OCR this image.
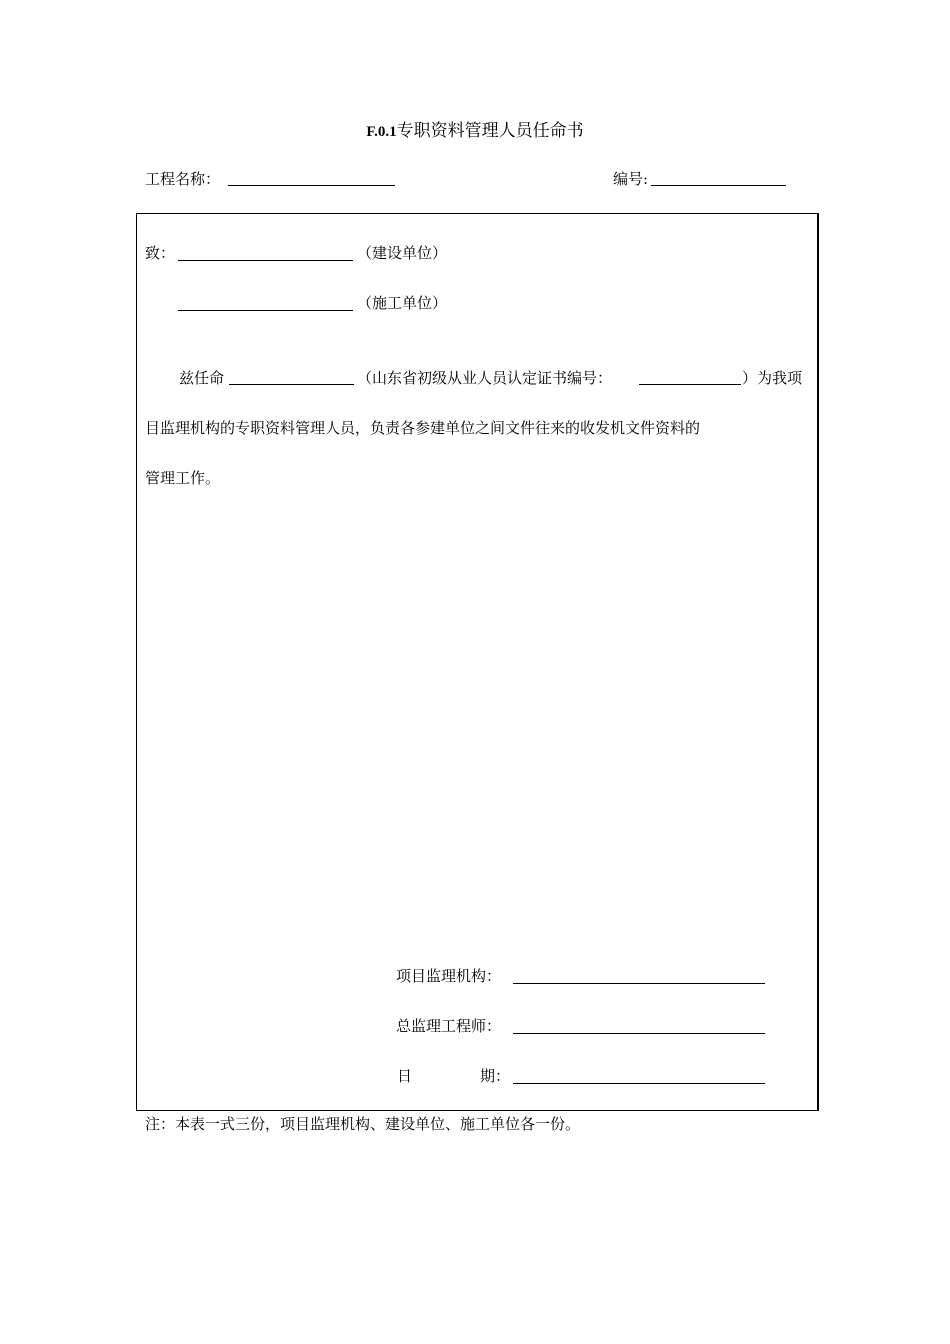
F.0.1专职资料管理人员任命书
工程名称：	编号:
致：	（建设单位）
（施工单位）
兹任命	（山东省初级从业人员认定证书编号：	）为我项
目监理机构的专职资料管理人员，负责各参建单位之间文件往来的收发机文件资料的
管理工作。
项目监理机构：
总监理工程师：
日	期：
注：本表一式三份，项目监理机构、建设单位、施工单位各一份。
